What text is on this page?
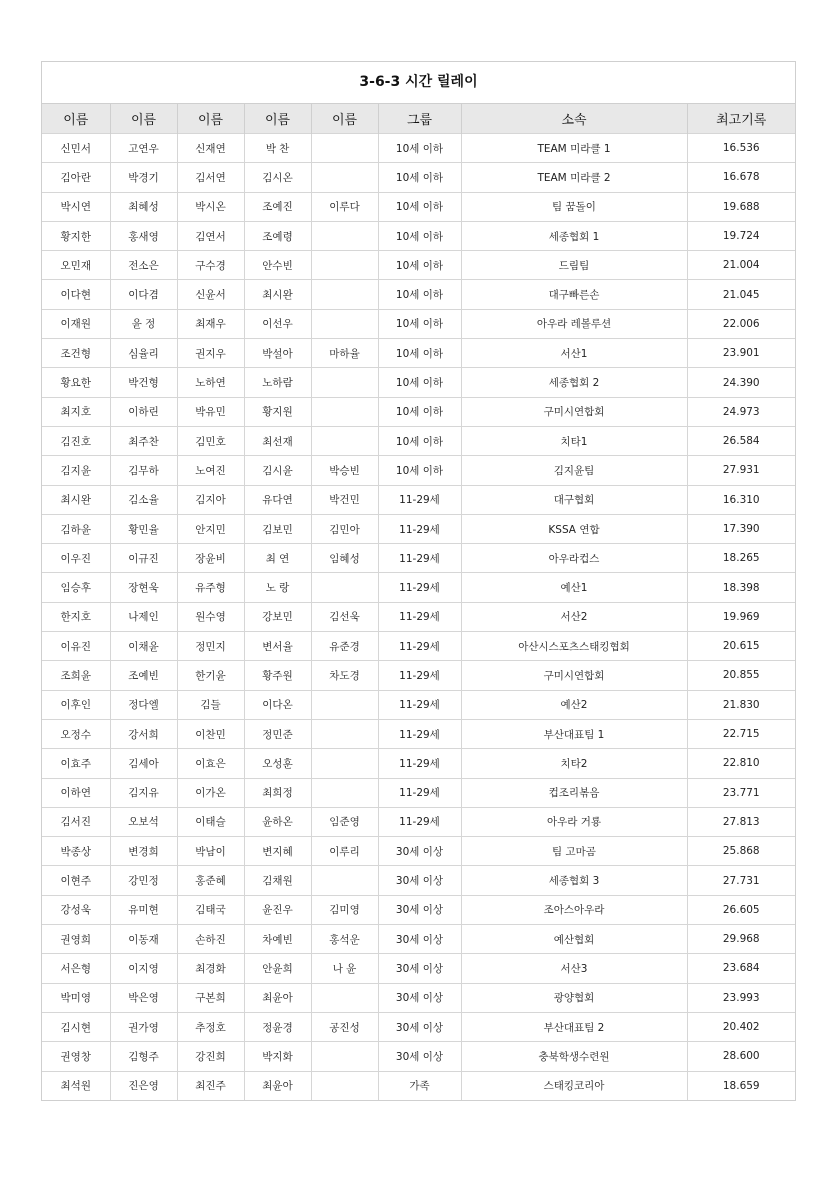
3-6-3 시간 릴레이
이름	이름	이름	이름	이름	그룹	소속	최고기록
신민서	고연우	신재연	박 찬		10세 이하	TEAM 미라클 1	16.536
김아란	박경기	김서연	김시온		10세 이하	TEAM 미라클 2	16.678
박시연	최혜성	박시온	조예진	이루다	10세 이하	팀 꿈돌이	19.688
황지한	홍새영	김연서	조예령		10세 이하	세종협회 1	19.724
오민재	전소은	구수경	안수빈		10세 이하	드림팀	21.004
이다현	이다겸	신윤서	최시완		10세 이하	대구빠른손	21.045
이재원	윤 정	최재우	이선우		10세 이하	아우라 레볼루션	22.006
조건형	심율리	권지우	박설아	마하율	10세 이하	서산1	23.901
황요한	박건형	노하연	노하람		10세 이하	세종협회 2	24.390
최지호	이하린	박유민	황지원		10세 이하	구미시연합회	24.973
김진호	최주찬	김민호	최선재		10세 이하	치타1	26.584
김지윤	김무하	노여진	김시윤	박승빈	10세 이하	김지윤팀	27.931
최시완	김소율	김지아	유다연	박건민	11-29세	대구협회	16.310
김하윤	황민율	안지민	김보민	김민아	11-29세	KSSA 연합	17.390
이우진	이규진	장윤비	최 연	임혜성	11-29세	아우라컵스	18.265
임승후	장현욱	유주형	노 랑		11-29세	예산1	18.398
한지호	나제인	원수영	강보민	김선욱	11-29세	서산2	19.969
이유진	이채윤	정민지	변서율	유준경	11-29세	아산시스포츠스태킹협회	20.615
조희윤	조예빈	한기윤	황주원	차도경	11-29세	구미시연합회	20.855
이후인	정다엘	김들	이다온		11-29세	예산2	21.830
오정수	강서희	이찬민	정민준		11-29세	부산대표팀 1	22.715
이효주	김세아	이효은	오성훈		11-29세	치타2	22.810
이하연	김지유	이가온	최희정		11-29세	컵조리볶음	23.771
김서진	오보석	이태슬	윤하온	임준영	11-29세	아우라 거룡	27.813
박종상	변경희	박남이	변지혜	이루리	30세 이상	팀 고마곰	25.868
이현주	강민정	홍준혜	김채원		30세 이상	세종협회 3	27.731
강성욱	유미현	김태국	윤진우	김미영	30세 이상	조아스아우라	26.605
권영희	이동재	손하진	차예빈	홍석운	30세 이상	예산협회	29.968
서은형	이지영	최경화	안윤희	나 윤	30세 이상	서산3	23.684
박미영	박은영	구본희	최윤아		30세 이상	광양협회	23.993
김시현	권가영	추정호	정윤경	공진성	30세 이상	부산대표팀 2	20.402
권영창	김형주	강진희	박지화		30세 이상	충북학생수련원	28.600
최석원	진은영	최진주	최윤아		가족	스태킹코리아	18.659
